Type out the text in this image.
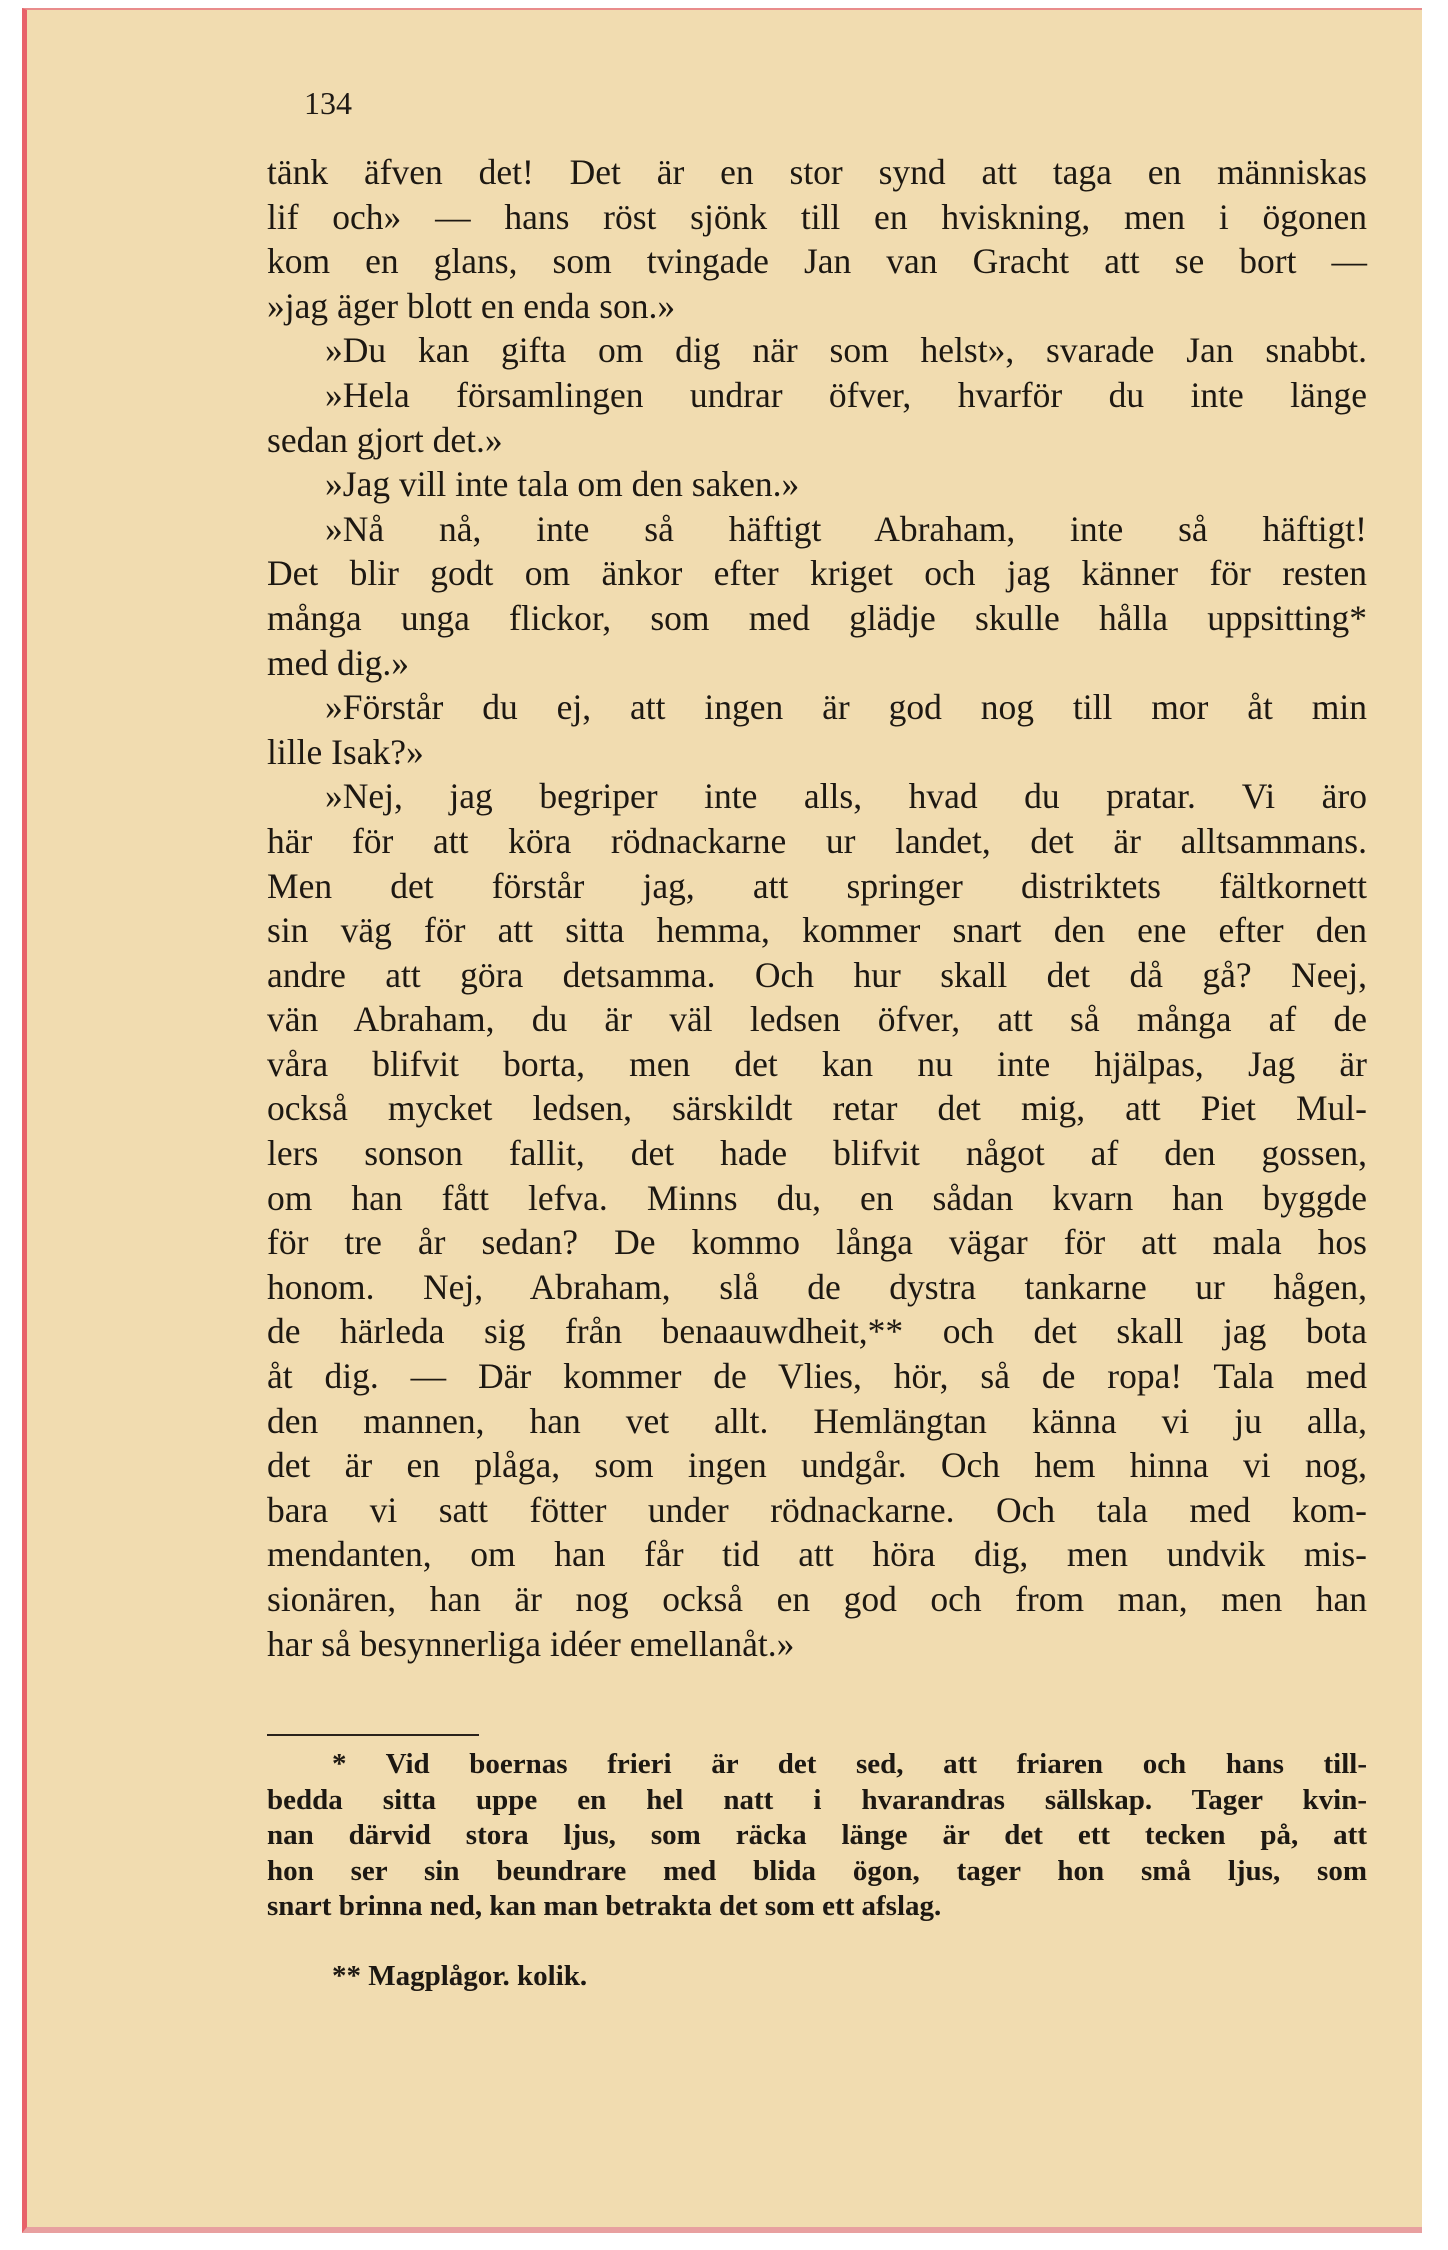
134
tänk äfven det! Det är en stor synd att taga en människas
lif och» — hans röst sjönk till en hviskning, men i ögonen
kom en glans, som tvingade Jan van Gracht att se bort —
»jag äger blott en enda son.»
»Du kan gifta om dig när som helst», svarade Jan snabbt.
»Hela församlingen undrar öfver, hvarför du inte länge
sedan gjort det.»
»Jag vill inte tala om den saken.»
»Nå nå, inte så häftigt Abraham, inte så häftigt!
Det blir godt om änkor efter kriget och jag känner för resten
många unga flickor, som med glädje skulle hålla uppsitting*
med dig.»
»Förstår du ej, att ingen är god nog till mor åt min
lille Isak?»
»Nej, jag begriper inte alls, hvad du pratar. Vi äro
här för att köra rödnackarne ur landet, det är alltsammans.
Men det förstår jag, att springer distriktets fältkornett
sin väg för att sitta hemma, kommer snart den ene efter den
andre att göra detsamma. Och hur skall det då gå? Neej,
vän Abraham, du är väl ledsen öfver, att så många af de
våra blifvit borta, men det kan nu inte hjälpas, Jag är
också mycket ledsen, särskildt retar det mig, att Piet Mul-
lers sonson fallit, det hade blifvit något af den gossen,
om han fått lefva. Minns du, en sådan kvarn han byggde
för tre år sedan? De kommo långa vägar för att mala hos
honom. Nej, Abraham, slå de dystra tankarne ur hågen,
de härleda sig från benaauwdheit,** och det skall jag bota
åt dig. — Där kommer de Vlies, hör, så de ropa! Tala med
den mannen, han vet allt. Hemlängtan känna vi ju alla,
det är en plåga, som ingen undgår. Och hem hinna vi nog,
bara vi satt fötter under rödnackarne. Och tala med kom-
mendanten, om han får tid att höra dig, men undvik mis-
sionären, han är nog också en god och from man, men han
har så besynnerliga idéer emellanåt.»
* Vid boernas frieri är det sed, att friaren och hans till-
bedda sitta uppe en hel natt i hvarandras sällskap. Tager kvin-
nan därvid stora ljus, som räcka länge är det ett tecken på, att
hon ser sin beundrare med blida ögon, tager hon små ljus, som
snart brinna ned, kan man betrakta det som ett afslag.
** Magplågor. kolik.
